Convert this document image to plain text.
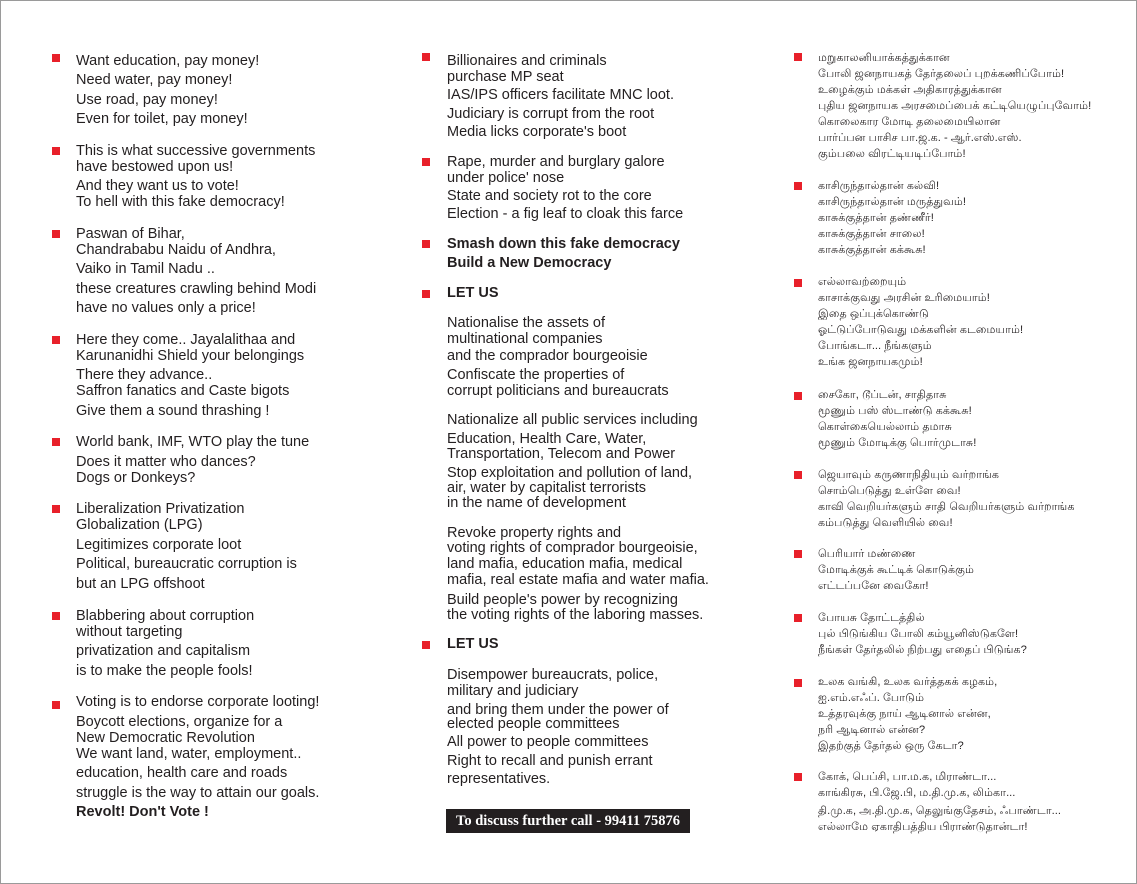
Want education, pay money!
Need water, pay money!
Use road, pay money!
Even for toilet, pay money!
This is what successive governments
have bestowed upon us!
And they want us to vote!
To hell with this fake democracy!
Paswan of Bihar,
Chandrababu Naidu of Andhra,
Vaiko in Tamil Nadu ..
these creatures crawling behind Modi
have no values only a price!
Here they come.. Jayalalithaa and
Karunanidhi Shield your belongings
There they advance..
Saffron fanatics and Caste bigots
Give them a sound thrashing !
World bank, IMF, WTO play the tune
Does it matter who dances?
Dogs or Donkeys?
Liberalization Privatization
Globalization (LPG)
Legitimizes corporate loot
Political, bureaucratic corruption is
but an LPG offshoot
Blabbering about corruption
without targeting
privatization and capitalism
is to make the people fools!
Voting is to endorse corporate looting!
Boycott elections, organize for a
New Democratic Revolution
We want land, water, employment..
education, health care and roads
struggle is the way to attain our goals.
Revolt! Don't Vote !
Billionaires and criminals
purchase MP seat
IAS/IPS officers facilitate MNC loot.
Judiciary is corrupt from the root
Media licks corporate's boot
Rape, murder and burglary galore
under police' nose
State and society rot to the core
Election - a fig leaf to cloak this farce
Smash down this fake democracy
Build a New Democracy
LET US
Nationalise the assets of
multinational companies
and the comprador bourgeoisie
Confiscate the properties of
corrupt politicians and bureaucrats
Nationalize all public services including
Education, Health Care, Water,
Transportation, Telecom and Power
Stop exploitation and pollution of land,
air, water by capitalist terrorists
in the name of development
Revoke property rights and
voting rights of comprador bourgeoisie,
land mafia, education mafia, medical
mafia, real estate mafia and water mafia.
Build people's power by recognizing
the voting rights of the laboring masses.
LET US
Disempower bureaucrats, police,
military and judiciary
and bring them under the power of
elected people committees
All power to people committees
Right to recall and punish errant
representatives.
மறுகாலனியாக்கத்துக்கான
போலி ஜனநாயகத் தேர்தலைப் புறக்கணிப்போம்!
உழைக்கும் மக்கள் அதிகாரத்துக்கான
புதிய ஜனநாயக அரசமைப்பைக் கட்டியெழுப்புவோம்!
கொலைகார மோடி தலைமையிலான
பார்ப்பன பாசிச பா.ஜ.க. - ஆர்.எஸ்.எஸ்.
கும்பலை விரட்டியடிப்போம்!
காசிருந்தால்தான் கல்வி!
காசிருந்தால்தான் மருத்துவம்!
காசுக்குத்தான் தண்ணீர்!
காசுக்குத்தான் சாலை!
காசுக்குத்தான் கக்கூசு!
எல்லாவற்றையும்
காசாக்குவது அரசின் உரிமையாம்!
இதை ஒப்புக்கொண்டு
ஓட்டுப்போடுவது மக்களின் கடமையாம்!
போங்கடா... நீங்களும்
உங்க ஜனநாயகமும்!
சைகோ, டூப்டன், சாதிதாசு
மூணும் பஸ் ஸ்டாண்டு கக்கூசு!
கொள்கையெல்லாம் தமாசு
மூணும் மோடிக்கு பொர்முடாசு!
ஜெயாவும் கருணாநிதியும் வர்றாங்க
சொம்பெடுத்து உள்ளே வை!
காவி வெறியர்களும் சாதி வெறியர்களும் வர்றாங்க
கம்படுத்து வெளியில் வை!
பெரியார் மண்ணை
மோடிக்குக் கூட்டிக் கொடுக்கும்
எட்டப்பனே வைகோ!
போயசு தோட்டத்தில்
புல் பிடுங்கிய போலி கம்யூனிஸ்டுகளே!
நீங்கள் தேர்தலில் நிற்பது எதைப் பிடுங்க?
உலக வங்கி, உலக வர்த்தகக் கழகம்,
ஐ.எம்.எஃப். போடும்
உத்தரவுக்கு நாய் ஆடினால் என்ன,
நரி ஆடினால் என்ன?
இதற்குத் தேர்தல் ஒரு கேடா?
கோக், பெப்சி, பா.ம.க, மிராண்டா...
காங்கிரசு, பி.ஜே.பி, ம.தி.மு.க, லிம்கா...
தி.மு.க, அ.தி.மு.க, தெலுங்குதேசம், ஃபாண்டா...
எல்லாமே ஏகாதிபத்திய பிராண்டுதான்டா!
To discuss further call - 99411 75876
